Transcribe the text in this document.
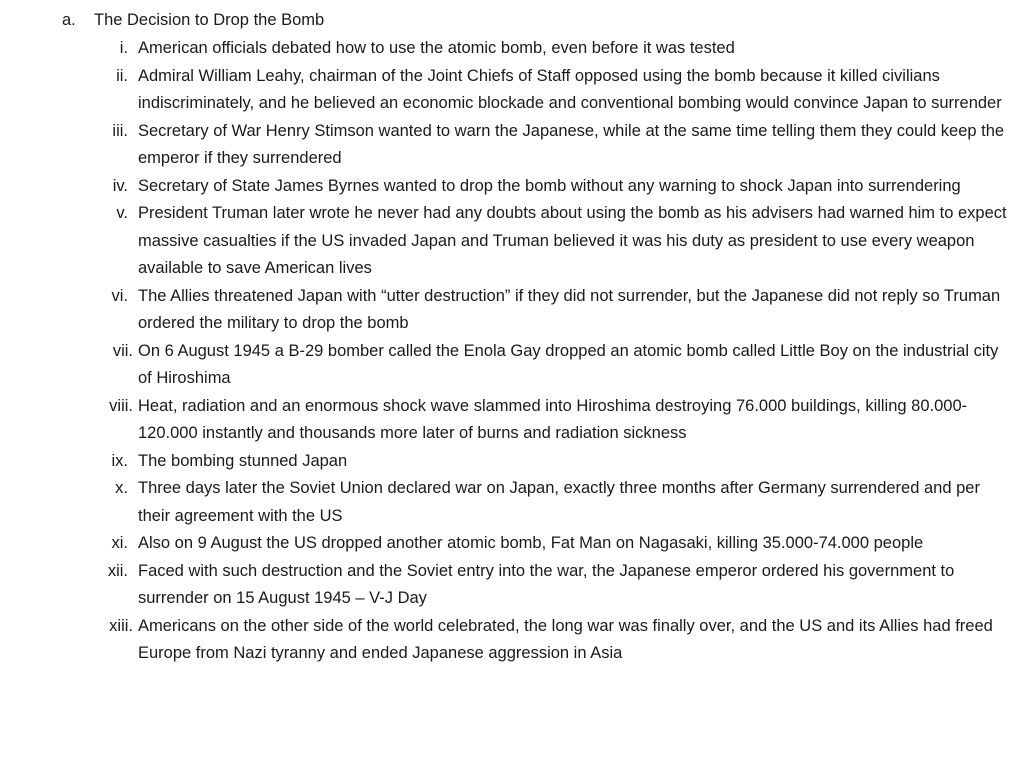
a. The Decision to Drop the Bomb
i. American officials debated how to use the atomic bomb, even before it was tested
ii. Admiral William Leahy, chairman of the Joint Chiefs of Staff opposed using the bomb because it killed civilians indiscriminately, and he believed an economic blockade and conventional bombing would convince Japan to surrender
iii. Secretary of War Henry Stimson wanted to warn the Japanese, while at the same time telling them they could keep the emperor if they surrendered
iv. Secretary of State James Byrnes wanted to drop the bomb without any warning to shock Japan into surrendering
v. President Truman later wrote he never had any doubts about using the bomb as his advisers had warned him to expect massive casualties if the US invaded Japan and Truman believed it was his duty as president to use every weapon available to save American lives
vi. The Allies threatened Japan with “utter destruction” if they did not surrender, but the Japanese did not reply so Truman ordered the military to drop the bomb
vii. On 6 August 1945 a B-29 bomber called the Enola Gay dropped an atomic bomb called Little Boy on the industrial city of Hiroshima
viii. Heat, radiation and an enormous shock wave slammed into Hiroshima destroying 76.000 buildings, killing 80.000-120.000 instantly and thousands more later of burns and radiation sickness
ix. The bombing stunned Japan
x. Three days later the Soviet Union declared war on Japan, exactly three months after Germany surrendered and per their agreement with the US
xi. Also on 9 August the US dropped another atomic bomb, Fat Man on Nagasaki, killing 35.000-74.000 people
xii. Faced with such destruction and the Soviet entry into the war, the Japanese emperor ordered his government to surrender on 15 August 1945 – V-J Day
xiii. Americans on the other side of the world celebrated, the long war was finally over, and the US and its Allies had freed Europe from Nazi tyranny and ended Japanese aggression in Asia
